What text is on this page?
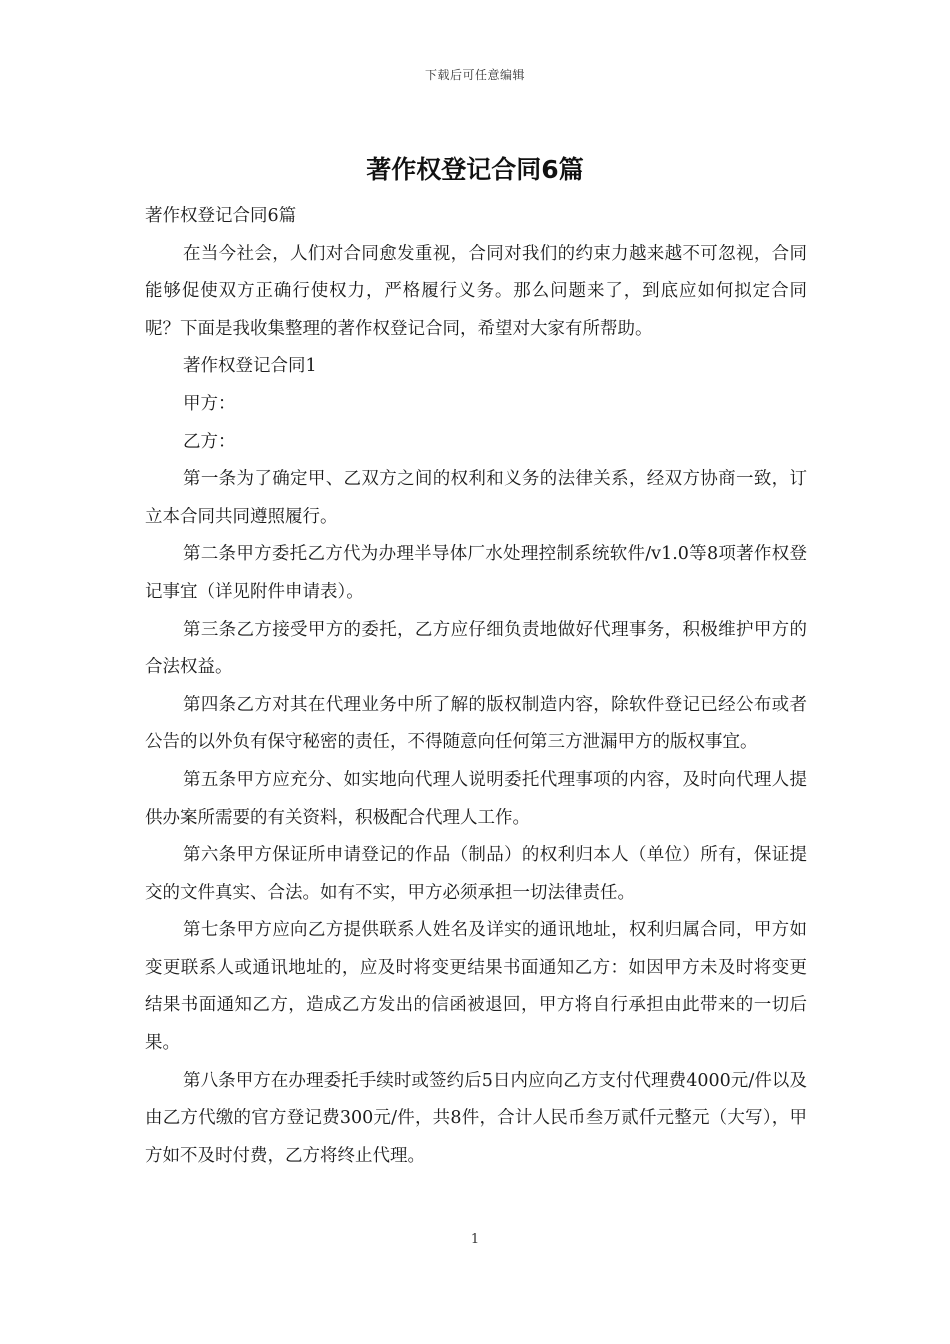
下载后可任意编辑
著作权登记合同6篇

著作权登记合同6篇

在当今社会，人们对合同愈发重视，合同对我们的约束力越来越不可忽视，合同能够促使双方正确行使权力，严格履行义务。那么问题来了，到底应如何拟定合同呢？下面是我收集整理的著作权登记合同，希望对大家有所帮助。

著作权登记合同1

甲方：

乙方：

第一条为了确定甲、乙双方之间的权利和义务的法律关系，经双方协商一致，订立本合同共同遵照履行。

第二条甲方委托乙方代为办理半导体厂水处理控制系统软件/v1.0等8项著作权登记事宜（详见附件申请表）。

第三条乙方接受甲方的委托，乙方应仔细负责地做好代理事务，积极维护甲方的合法权益。

第四条乙方对其在代理业务中所了解的版权制造内容，除软件登记已经公布或者公告的以外负有保守秘密的责任，不得随意向任何第三方泄漏甲方的版权事宜。

第五条甲方应充分、如实地向代理人说明委托代理事项的内容，及时向代理人提供办案所需要的有关资料，积极配合代理人工作。

第六条甲方保证所申请登记的作品（制品）的权利归本人（单位）所有，保证提交的文件真实、合法。如有不实，甲方必须承担一切法律责任。

第七条甲方应向乙方提供联系人姓名及详实的通讯地址，权利归属合同，甲方如变更联系人或通讯地址的，应及时将变更结果书面通知乙方：如因甲方未及时将变更结果书面通知乙方，造成乙方发出的信函被退回，甲方将自行承担由此带来的一切后果。

第八条甲方在办理委托手续时或签约后5日内应向乙方支付代理费4000元/件以及由乙方代缴的官方登记费300元/件，共8件，合计人民币叁万贰仟元整元（大写），甲方如不及时付费，乙方将终止代理。

1
